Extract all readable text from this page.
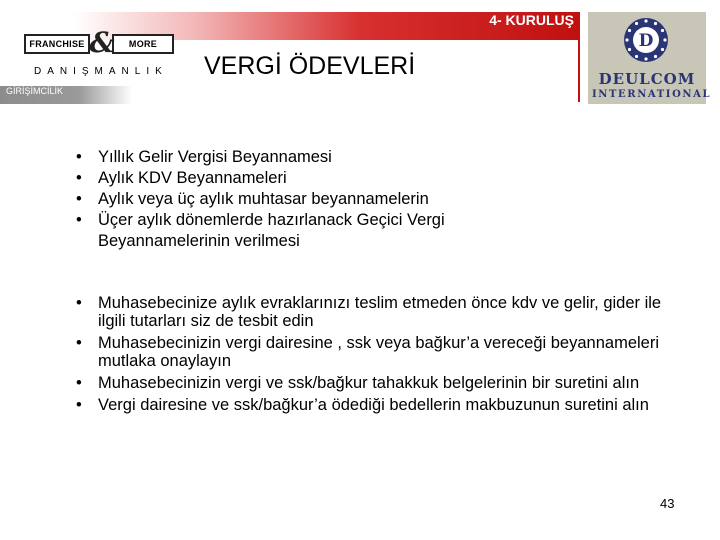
4- KURULUŞ
FRANCHISE	MORE
&
DANIŞMANLIK VERGİ ÖDEVLERİ
GİRİŞİMCİLİK
D
DEULCOM
INTERNATIONAL
• Yıllık Gelir Vergisi Beyannamesi
• Aylık KDV Beyannameleri
• Aylık veya üç aylık muhtasar beyannamelerin
• Üçer aylık dönemlerde hazırlanack Geçici Vergi Beyannamelerinin verilmesi
• Muhasebecinize aylık evraklarınızı teslim etmeden önce kdv ve gelir, gider ile ilgili tutarları siz de tesbit edin
• Muhasebecinizin vergi dairesine , ssk veya bağkur’a vereceği beyannameleri mutlaka onaylayın
• Muhasebecinizin vergi ve ssk/bağkur tahakkuk belgelerinin bir suretini alın
• Vergi dairesine ve ssk/bağkur’a ödediği bedellerin makbuzunun suretini alın
43
